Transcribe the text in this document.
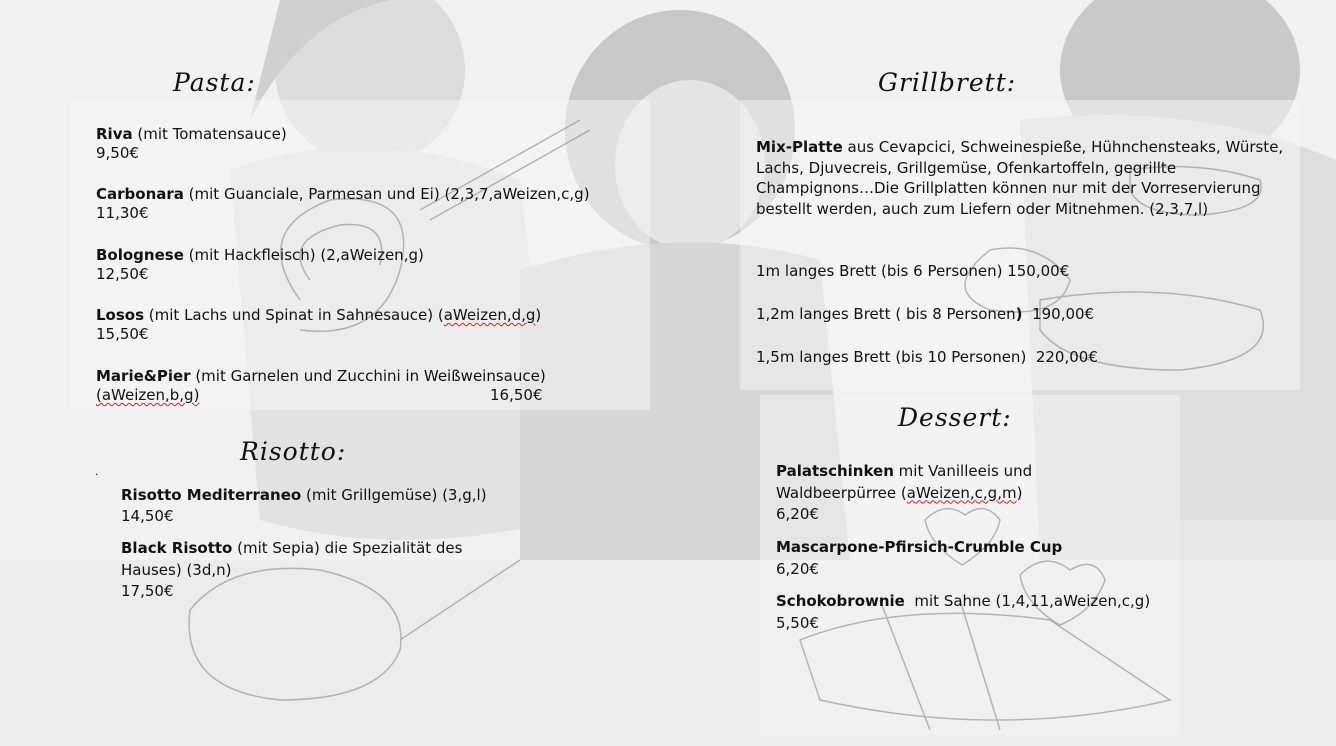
Pasta:
Riva (mit Tomatensauce)
9,50€
Carbonara (mit Guanciale, Parmesan und Ei) (2,3,7,aWeizen,c,g)
11,30€
Bolognese (mit Hackfleisch) (2,aWeizen,g)
12,50€
Losos (mit Lachs und Spinat in Sahnesauce) (aWeizen,d,g)
15,50€
Marie&Pier (mit Garnelen und Zucchini in Weißweinsauce)
(aWeizen,b,g)	16,50€
Risotto:
.
Risotto Mediterraneo (mit Grillgemüse) (3,g,l)
14,50€
Black Risotto (mit Sepia) die Spezialität des
Hauses) (3d,n)
17,50€
Grillbrett:
Mix-Platte aus Cevapcici, Schweinespieße, Hühnchensteaks, Würste, Lachs, Djuvecreis, Grillgemüse, Ofenkartoffeln, gegrillte Champignons…Die Grillplatten können nur mit der Vorreservierung bestellt werden, auch zum Liefern oder Mitnehmen. (2,3,7,l)
1m langes Brett (bis 6 Personen) 150,00€
1,2m langes Brett ( bis 8 Personen)  190,00€
1,5m langes Brett (bis 10 Personen)  220,00€
Dessert:
Palatschinken mit Vanilleeis und
Waldbeerpürree (aWeizen,c,g,m)
6,20€
Mascarpone-Pfirsich-Crumble Cup
6,20€
Schokobrownie  mit Sahne (1,4,11,aWeizen,c,g)
5,50€
